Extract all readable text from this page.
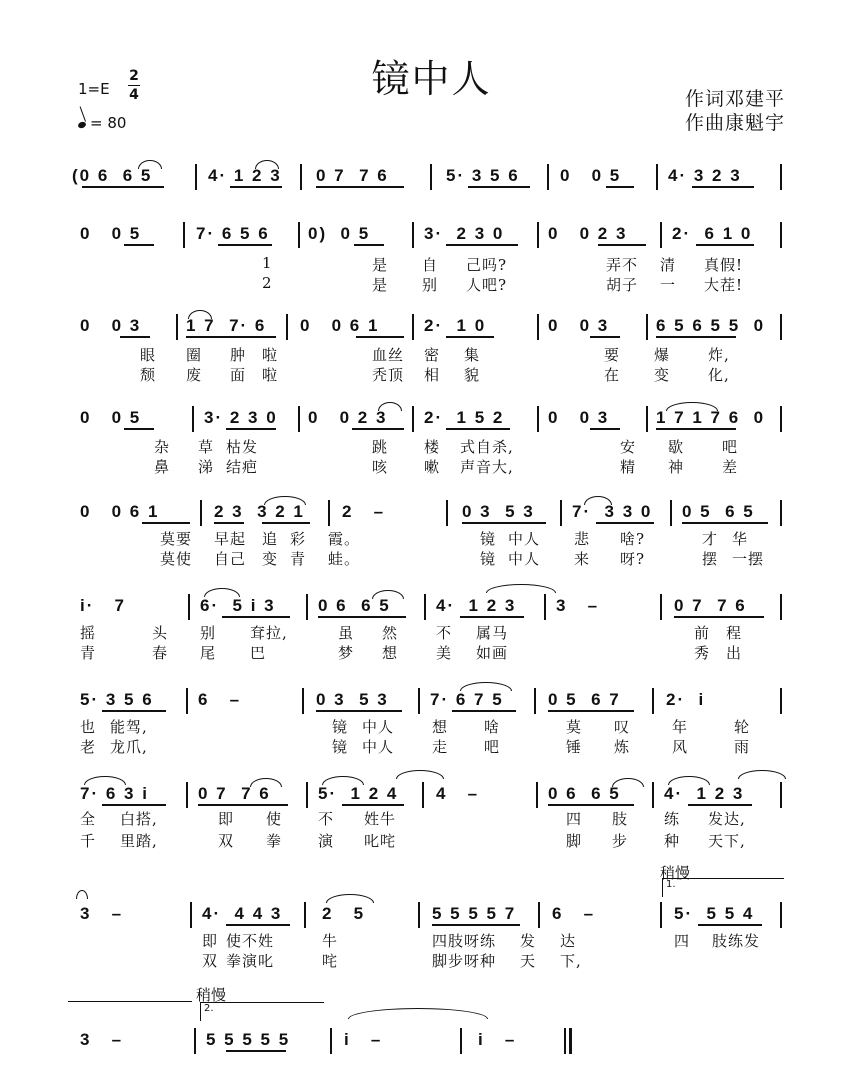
镜中人
1=E
2
4
= 80
作词邓建平
作曲康魁宇
(0 6  6 5	4· 1 2 3 0 7  7 6	5· 3 5 6 0   0 5	4· 3 2 3
0   0 5	7· 6 5 6 0)  0 5	3·  2 3 0	0   0 2 3	2·  6 1 0
1	是 自 己吗?	弄不 清 真假!
2	是 别 人吧?	胡子 一 大茬!
0   0 3	1 7  7· 6 0   0 6 1	2·  1 0	0   0 3	6 5 6 5 5  0
眼 圈 肿 啦	血丝 密 集	要 爆	炸,
颓 废 面 啦	秃顶 相 貌	在 变	化,
0   0 5	3· 2 3 0 0   0 2 3 2·  1 5 2	0   0 3	1 7 1 7 6  0
杂 草 枯发	跳 楼 式自杀,	安 歇	吧
鼻 涕 结疤	咳 嗽 声音大,	精 神	差
0   0 6 1	2 3  3 2 1 2   –	0 3  5 3 7·  3 3 0 0 5  6 5
莫要 早起 追 彩 霞。	镜 中人 悲 啥?	才 华
莫使 自己 变 青 蛙。	镜 中人 来 呀?	摆 一摆
i·   7	6·  5 i 3 0 6  6 5	4·  1 2 3 3   –	0 7  7 6
摇	头 别 耷拉,	虽 然	不 属马	前 程
青	春 尾 巴	梦 想	美 如画	秀 出
5· 3 5 6	6   –	0 3  5 3 7· 6 7 5	0 5  6 7	2·  i
也 能驾,	镜 中人	想 啥	莫 叹	年	轮
老 龙爪,	镜 中人	走 吧	锤 炼	风	雨
7· 6 3 i	0 7  7 6	5·  1 2 4 4   –	0 6  6 5	4·  1 2 3
全 白搭,	即 使 不 姓牛	四 肢 练 发达,
千 里踏,	双 拳 演 叱咤	脚 步 种 天下,
稍慢
1.
3   –	4·  4 4 3 2   5	5 5 5 5 7 6   –	5·  5 5 4
即 使不姓	牛	四肢呀练 发 达	四 肢练发
双 拳演叱	咤	脚步呀种 天 下,
稍慢
2.
3   –	5 5 5 5 5	i   –	i   –
